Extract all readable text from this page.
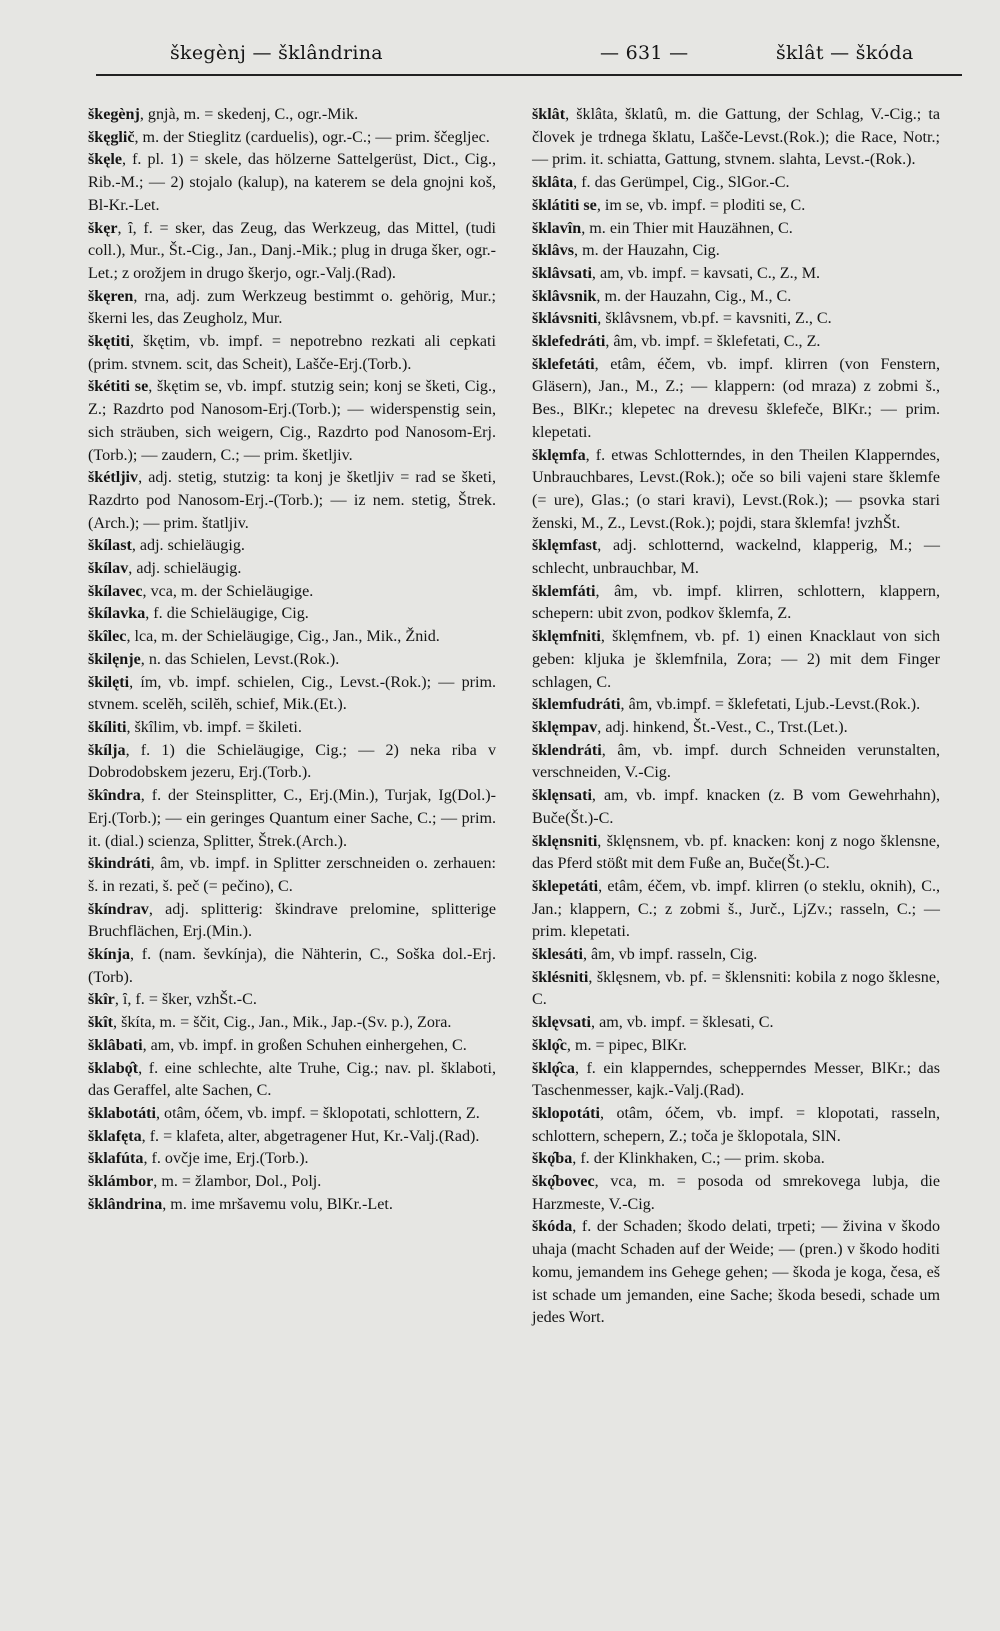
škegènj — šklândrina	— 631 —	šklât — škóda

škegènj, gnjà, m. = skedenj, C., ogr.-Mik.

škęglič, m. der Stieglitz (carduelis), ogr.-C.; — prim. ščegljec.

škęle, f. pl. 1) = skele, das hölzerne Sattelgerüst, Dict., Cig., Rib.-M.; — 2) stojalo (kalup), na katerem se dela gnojni koš, Bl-Kr.-Let.

škęr, ȋ, f. = sker, das Zeug, das Werkzeug, das Mittel, (tudi coll.), Mur., Št.-Cig., Jan., Danj.-Mik.; plug in druga šker, ogr.-Let.; z orožjem in drugo škerjo, ogr.-Valj.(Rad).

škęren, rna, adj. zum Werkzeug bestimmt o. gehörig, Mur.; škerni les, das Zeugholz, Mur.

škętiti, škętim, vb. impf. = nepotrebno rezkati ali cepkati (prim. stvnem. scit, das Scheit), Lašče-Erj.(Torb.).

škétiti se, škętim se, vb. impf. stutzig sein; konj se šketi, Cig., Z.; Razdrto pod Nanosom-Erj.(Torb.); — widerspenstig sein, sich sträuben, sich weigern, Cig., Razdrto pod Nanosom-Erj.(Torb.); — zaudern, C.; — prim. šketljiv.

škétljiv, adj. stetig, stutzig: ta konj je šketljiv = rad se šketi, Razdrto pod Nanosom-Erj.-(Torb.); — iz nem. stetig, Štrek.(Arch.); — prim. štatljiv.

škílast, adj. schieläugig.

škílav, adj. schieläugig.

škílavec, vca, m. der Schieläugige.

škílavka, f. die Schieläugige, Cig.

škîlec, lca, m. der Schieläugige, Cig., Jan., Mik., Žnid.

škilęnje, n. das Schielen, Levst.(Rok.).

škilęti, ím, vb. impf. schielen, Cig., Levst.-(Rok.); — prim. stvnem. scelĕh, scilĕh, schief, Mik.(Et.).

škíliti, škîlim, vb. impf. = škileti.

škílja, f. 1) die Schieläugige, Cig.; — 2) neka riba v Dobrodobskem jezeru, Erj.(Torb.).

škîndra, f. der Steinsplitter, C., Erj.(Min.), Turjak, Ig(Dol.)-Erj.(Torb.); — ein geringes Quantum einer Sache, C.; — prim. it. (dial.) scienza, Splitter, Štrek.(Arch.).

škindráti, âm, vb. impf. in Splitter zerschneiden o. zerhauen: š. in rezati, š. peč (= pečino), C.

škíndrav, adj. splitterig: škindrave prelomine, splitterige Bruchflächen, Erj.(Min.).

škínja, f. (nam. ševkínja), die Nähterin, C., Soška dol.-Erj.(Torb).

škîr, ȋ, f. = šker, vzhŠt.-C.

škît, škíta, m. = ščit, Cig., Jan., Mik., Jap.-(Sv. p.), Zora.

šklâbati, am, vb. impf. in großen Schuhen einhergehen, C.

šklabǫ̑t, f. eine schlechte, alte Truhe, Cig.; nav. pl. šklaboti, das Geraffel, alte Sachen, C.

šklabotáti, otâm, óčem, vb. impf. = šklopotati, schlottern, Z.

šklafęta, f. = klafeta, alter, abgetragener Hut, Kr.-Valj.(Rad).

šklafúta, f. ovčje ime, Erj.(Torb.).

šklámbor, m. = žlambor, Dol., Polj.

šklândrina, m. ime mršavemu volu, BlKr.-Let.

šklât, šklâta, šklatû, m. die Gattung, der Schlag, V.-Cig.; ta človek je trdnega šklatu, Lašče-Levst.(Rok.); die Race, Notr.; — prim. it. schiatta, Gattung, stvnem. slahta, Levst.-(Rok.).

šklâta, f. das Gerümpel, Cig., SlGor.-C.

šklátiti se, im se, vb. impf. = ploditi se, C.

šklavîn, m. ein Thier mit Hauzähnen, C.

šklâvs, m. der Hauzahn, Cig.

šklâvsati, am, vb. impf. = kavsati, C., Z., M.

šklâvsnik, m. der Hauzahn, Cig., M., C.

šklávsniti, šklâvsnem, vb.pf. = kavsniti, Z., C.

šklefedráti, âm, vb. impf. = šklefetati, C., Z.

šklefetáti, etâm, éčem, vb. impf. klirren (von Fenstern, Gläsern), Jan., M., Z.; — klappern: (od mraza) z zobmi š., Bes., BlKr.; klepetec na drevesu šklefeče, BlKr.; — prim. klepetati.

šklęmfa, f. etwas Schlotterndes, in den Theilen Klapperndes, Unbrauchbares, Levst.(Rok.); oče so bili vajeni stare šklemfe (= ure), Glas.; (o stari kravi), Levst.(Rok.); — psovka stari ženski, M., Z., Levst.(Rok.); pojdi, stara šklemfa! jvzhŠt.

šklęmfast, adj. schlotternd, wackelnd, klapperig, M.; — schlecht, unbrauchbar, M.

šklemfáti, âm, vb. impf. klirren, schlottern, klappern, schepern: ubit zvon, podkov šklemfa, Z.

šklęmfniti, šklęmfnem, vb. pf. 1) einen Knacklaut von sich geben: kljuka je šklemfnila, Zora; — 2) mit dem Finger schlagen, C.

šklemfudráti, âm, vb.impf. = šklefetati, Ljub.-Levst.(Rok.).

šklęmpav, adj. hinkend, Št.-Vest., C., Trst.(Let.).

šklendráti, âm, vb. impf. durch Schneiden verunstalten, verschneiden, V.-Cig.

šklęnsati, am, vb. impf. knacken (z. B vom Gewehrhahn), Buče(Št.)-C.

šklęnsniti, šklęnsnem, vb. pf. knacken: konj z nogo šklensne, das Pferd stößt mit dem Fuße an, Buče(Št.)-C.

šklepetáti, etâm, éčem, vb. impf. klirren (o steklu, oknih), C., Jan.; klappern, C.; z zobmi š., Jurč., LjZv.; rasseln, C.; — prim. klepetati.

šklesáti, âm, vb impf. rasseln, Cig.

šklésniti, šklęsnem, vb. pf. = šklensniti: kobila z nogo šklesne, C.

šklęvsati, am, vb. impf. = šklesati, C.

šklǫ̑c, m. = pipec, BlKr.

šklǫ̑ca, f. ein klapperndes, schepperndes Messer, BlKr.; das Taschenmesser, kajk.-Valj.(Rad).

šklopotáti, otâm, óčem, vb. impf. = klopotati, rasseln, schlottern, schepern, Z.; toča je šklopotala, SlN.

škǫ̑ba, f. der Klinkhaken, C.; — prim. skoba.

škǫ̑bovec, vca, m. = posoda od smrekovega lubja, die Harzmeste, V.-Cig.

škóda, f. der Schaden; škodo delati, trpeti; — živina v škodo uhaja (macht Schaden auf der Weide; — (pren.) v škodo hoditi komu, jemandem ins Gehege gehen; — škoda je koga, česa, eš ist schade um jemanden, eine Sache; škoda besedi, schade um jedes Wort.
